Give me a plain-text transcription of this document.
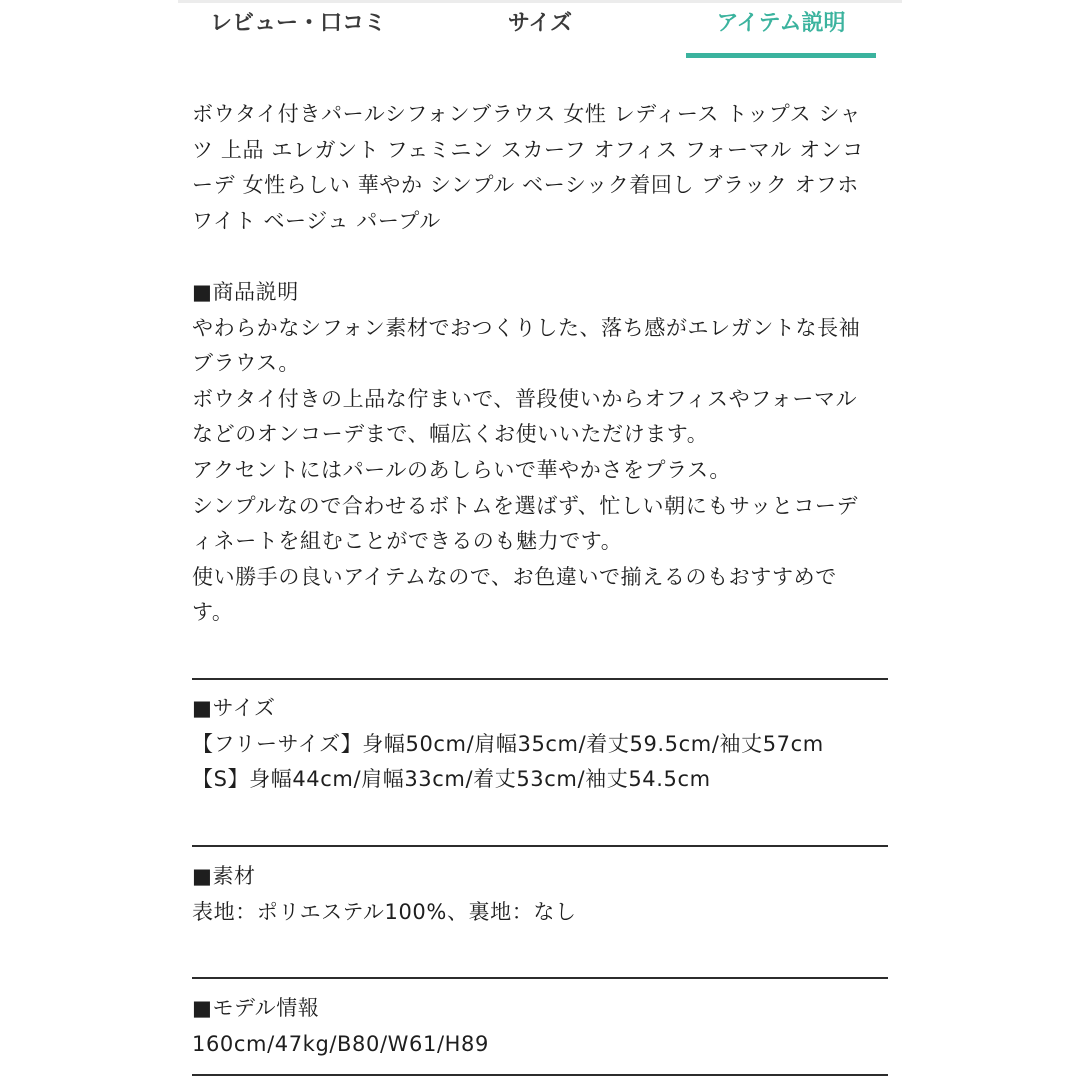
レビュー・口コミ	サイズ	アイテム説明
ボウタイ付きパールシフォンブラウス 女性 レディース トップス シャ
ツ 上品 エレガント フェミニン スカーフ オフィス フォーマル オンコ
ーデ 女性らしい 華やか シンプル ベーシック着回し ブラック オフホ
ワイト ベージュ パープル
■商品説明
やわらかなシフォン素材でおつくりした、落ち感がエレガントな長袖
ブラウス。
ボウタイ付きの上品な佇まいで、普段使いからオフィスやフォーマル
などのオンコーデまで、幅広くお使いいただけます。
アクセントにはパールのあしらいで華やかさをプラス。
シンプルなので合わせるボトムを選ばず、忙しい朝にもサッとコーデ
ィネートを組むことができるのも魅力です。
使い勝手の良いアイテムなので、お色違いで揃えるのもおすすめで
す。
■サイズ
【フリーサイズ】身幅50cm/肩幅35cm/着丈59.5cm/袖丈57cm
【S】身幅44cm/肩幅33cm/着丈53cm/袖丈54.5cm
■素材
表地：ポリエステル100%、裏地：なし
■モデル情報
160cm/47kg/B80/W61/H89
